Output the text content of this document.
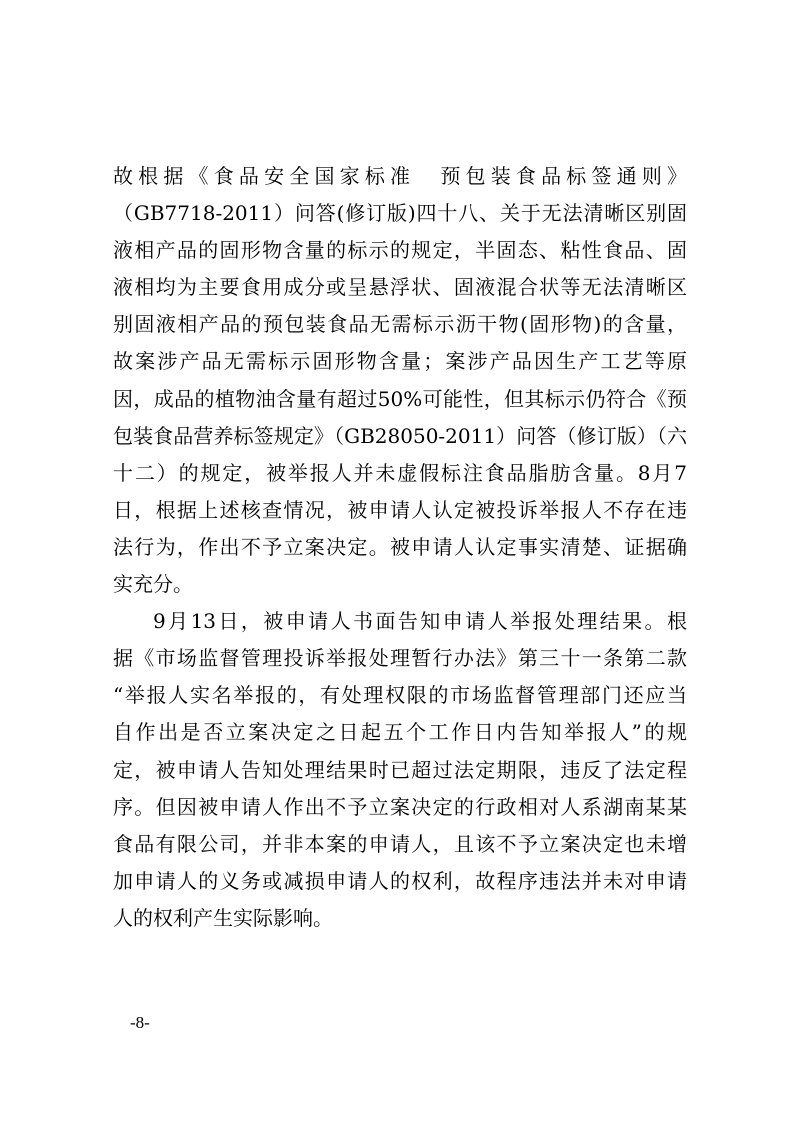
故根据《食品安全国家标准　预包装食品标签通则》
（GB7718-2011）问答(修订版)四十八、关于无法清晰区别固
液相产品的固形物含量的标示的规定，半固态、粘性食品、固
液相均为主要食用成分或呈悬浮状、固液混合状等无法清晰区
别固液相产品的预包装食品无需标示沥干物(固形物)的含量，
故案涉产品无需标示固形物含量；案涉产品因生产工艺等原
因，成品的植物油含量有超过50%可能性，但其标示仍符合《预
包装食品营养标签规定》（GB28050-2011）问答（修订版）（六
十二）的规定，被举报人并未虚假标注食品脂肪含量。8月7
日，根据上述核查情况，被申请人认定被投诉举报人不存在违
法行为，作出不予立案决定。被申请人认定事实清楚、证据确
实充分。
9月13日，被申请人书面告知申请人举报处理结果。根
据《市场监督管理投诉举报处理暂行办法》第三十一条第二款
“举报人实名举报的，有处理权限的市场监督管理部门还应当
自作出是否立案决定之日起五个工作日内告知举报人”的规
定，被申请人告知处理结果时已超过法定期限，违反了法定程
序。但因被申请人作出不予立案决定的行政相对人系湖南某某
食品有限公司，并非本案的申请人，且该不予立案决定也未增
加申请人的义务或减损申请人的权利，故程序违法并未对申请
人的权利产生实际影响。
-8-
